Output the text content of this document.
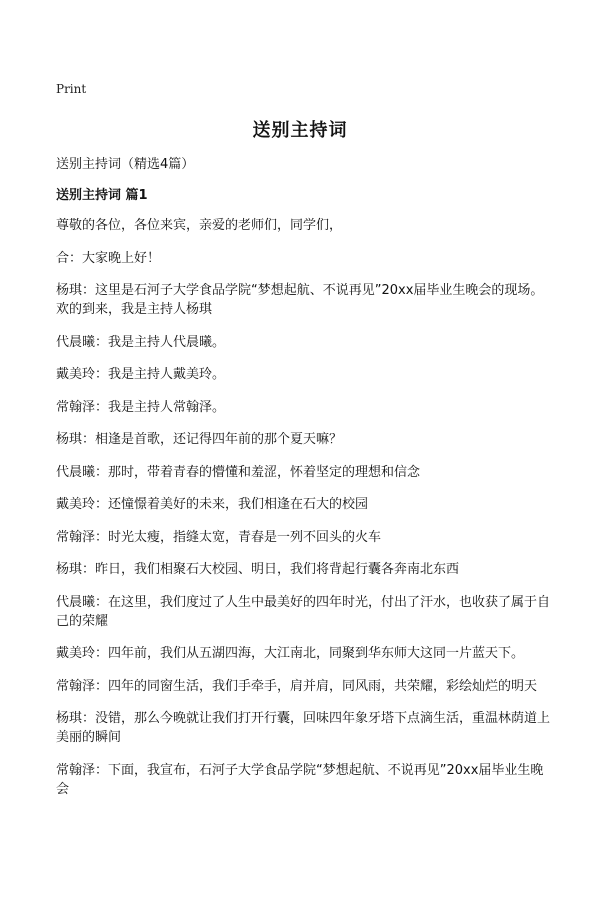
Print
送别主持词
送别主持词（精选4篇）
送别主持词 篇1

尊敬的各位，各位来宾，亲爱的老师们，同学们，

合：大家晚上好！

杨琪：这里是石河子大学食品学院“梦想起航、不说再见”20xx届毕业生晚会的现场。欢的到来，我是主持人杨琪

代晨曦：我是主持人代晨曦。

戴美玲：我是主持人戴美玲。

常翰泽：我是主持人常翰泽。

杨琪：相逢是首歌，还记得四年前的那个夏天嘛？

代晨曦：那时，带着青春的懵懂和羞涩，怀着坚定的理想和信念

戴美玲：还憧憬着美好的未来，我们相逢在石大的校园

常翰泽：时光太瘦，指缝太宽，青春是一列不回头的火车

杨琪：昨日，我们相聚石大校园、明日，我们将背起行囊各奔南北东西

代晨曦：在这里，我们度过了人生中最美好的四年时光，付出了汗水，也收获了属于自己的荣耀

戴美玲：四年前，我们从五湖四海，大江南北，同聚到华东师大这同一片蓝天下。

常翰泽：四年的同窗生活，我们手牵手，肩并肩，同风雨，共荣耀，彩绘灿烂的明天

杨琪：没错，那么今晚就让我们打开行囊，回味四年象牙塔下点滴生活，重温林荫道上美丽的瞬间

常翰泽：下面，我宣布，石河子大学食品学院“梦想起航、不说再见”20xx届毕业生晚会
